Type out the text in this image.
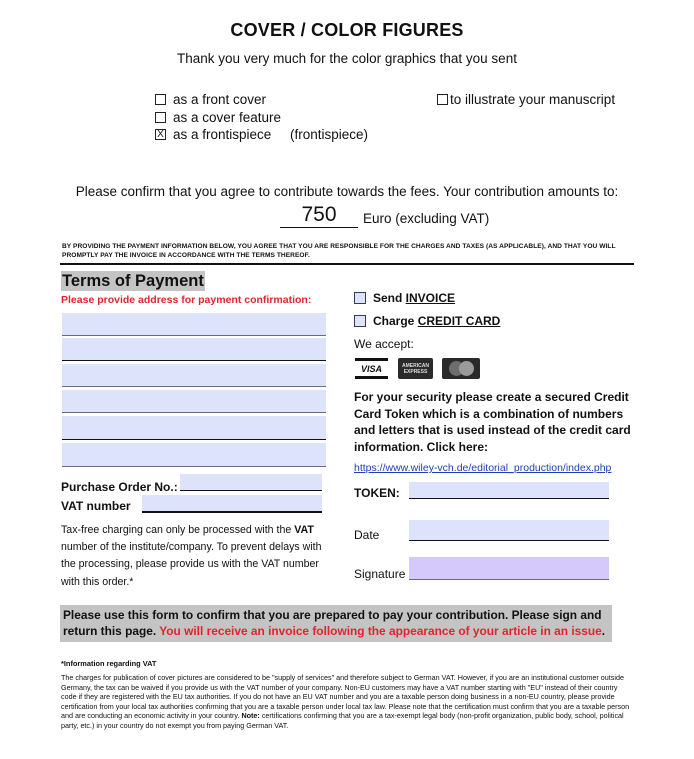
COVER / COLOR FIGURES
Thank you very much for the color graphics that you sent
as a front cover
as a cover feature
X as a frontispiece (frontispiece)
to illustrate your manuscript
Please confirm that you agree to contribute towards the fees. Your contribution amounts to:
750	Euro (excluding VAT)
BY PROVIDING THE PAYMENT INFORMATION BELOW, YOU AGREE THAT YOU ARE RESPONSIBLE FOR THE CHARGES AND TAXES (AS APPLICABLE), AND THAT YOU WILL PROMPTLY PAY THE INVOICE IN ACCORDANCE WITH THE TERMS THEREOF.
Terms of Payment
Please provide address for payment confirmation:
Purchase Order No.:
VAT number
Tax-free charging can only be processed with the VAT number of the institute/company. To prevent delays with the processing, please provide us with the VAT number with this order.*
Send INVOICE
Charge CREDIT CARD
We accept:
VISA	AMERICAN
EXPRESS
For your security please create a secured Credit Card Token which is a combination of numbers and letters that is used instead of the credit card information. Click here:
https://www.wiley-vch.de/editorial_production/index.php
TOKEN:
Date
Signature
Please use this form to confirm that you are prepared to pay your contribution. Please sign and return this page. You will receive an invoice following the appearance of your article in an issue.
*Information regarding VAT
The charges for publication of cover pictures are considered to be "supply of services" and therefore subject to German VAT. However, if you are an institutional customer outside Germany, the tax can be waived if you provide us with the VAT number of your company. Non-EU customers may have a VAT number starting with "EU" instead of their country code if they are registered with the EU tax authorities. If you do not have an EU VAT number and you are a taxable person doing business in a non-EU country, please provide certification from your local tax authorities confirming that you are a taxable person under local tax law. Please note that the certification must confirm that you are a taxable person and are conducting an economic activity in your country. Note: certifications confirming that you are a tax-exempt legal body (non-profit organization, public body, school, political party, etc.) in your country do not exempt you from paying German VAT.
